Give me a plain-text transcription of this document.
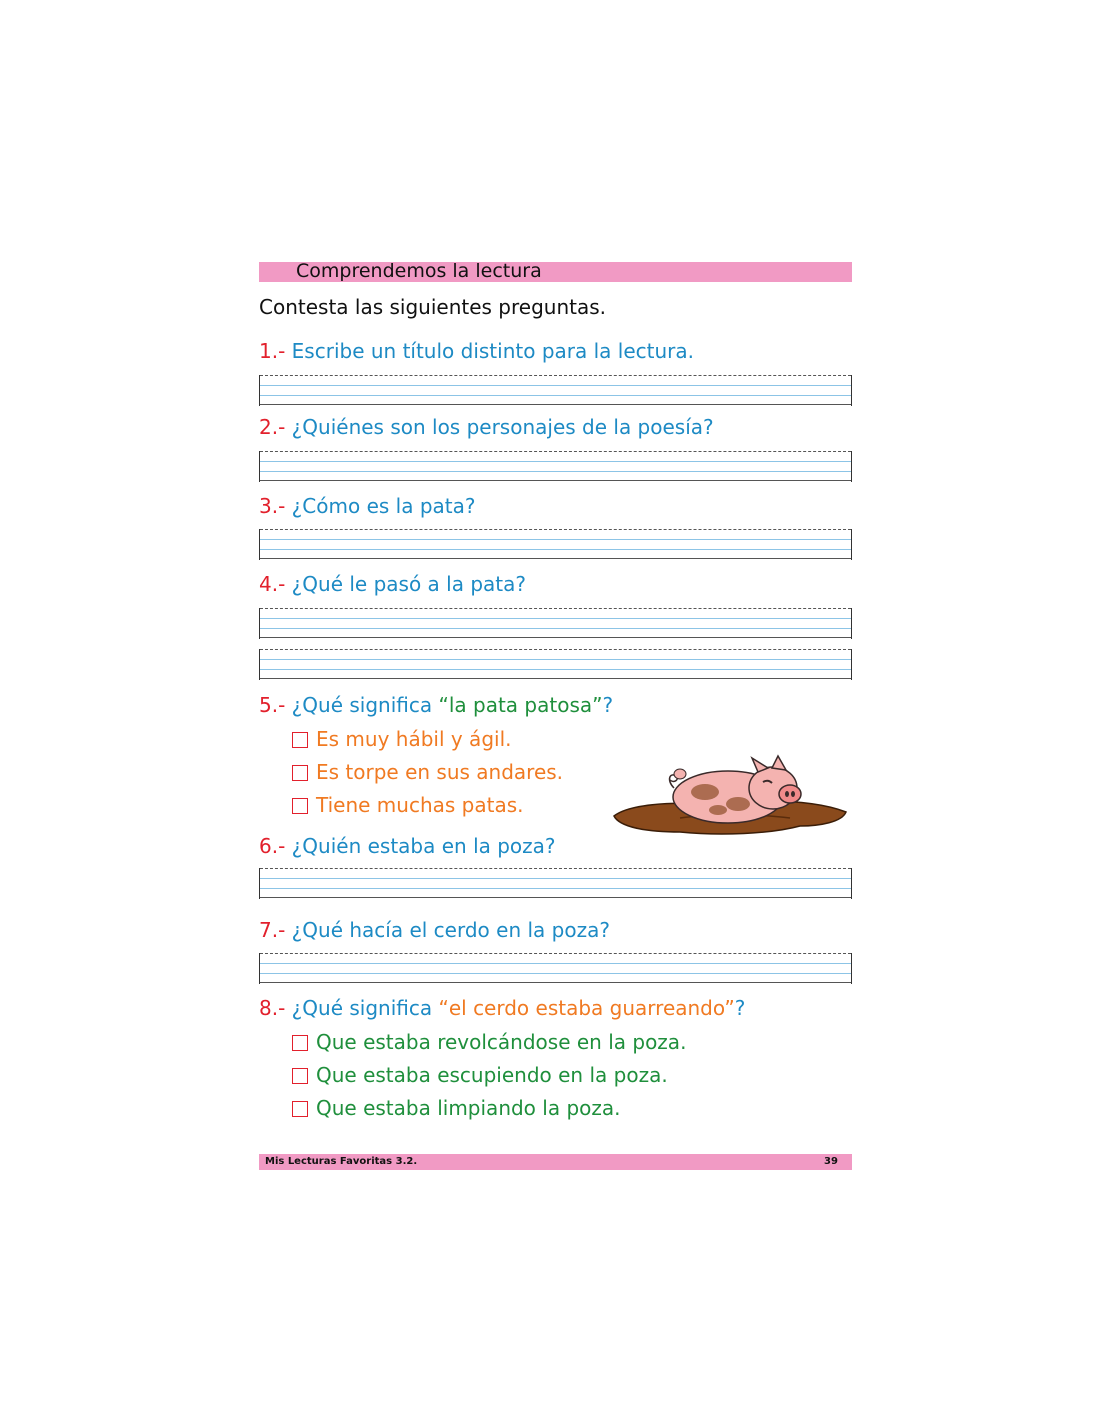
Comprendemos la lectura
Contesta las siguientes preguntas.
1.- Escribe un título distinto para la lectura.
2.- ¿Quiénes son los personajes de la poesía?
3.- ¿Cómo es la pata?
4.- ¿Qué le pasó a la pata?
5.- ¿Qué significa “la pata patosa”?
Es muy hábil y ágil.
Es torpe en sus andares.
Tiene muchas patas.
6.- ¿Quién estaba en la poza?
7.- ¿Qué hacía el cerdo en la poza?
8.- ¿Qué significa “el cerdo estaba guarreando”?
Que estaba revolcándose en la poza.
Que estaba escupiendo en la poza.
Que estaba limpiando la poza.
Mis Lecturas Favoritas 3.2.	39
